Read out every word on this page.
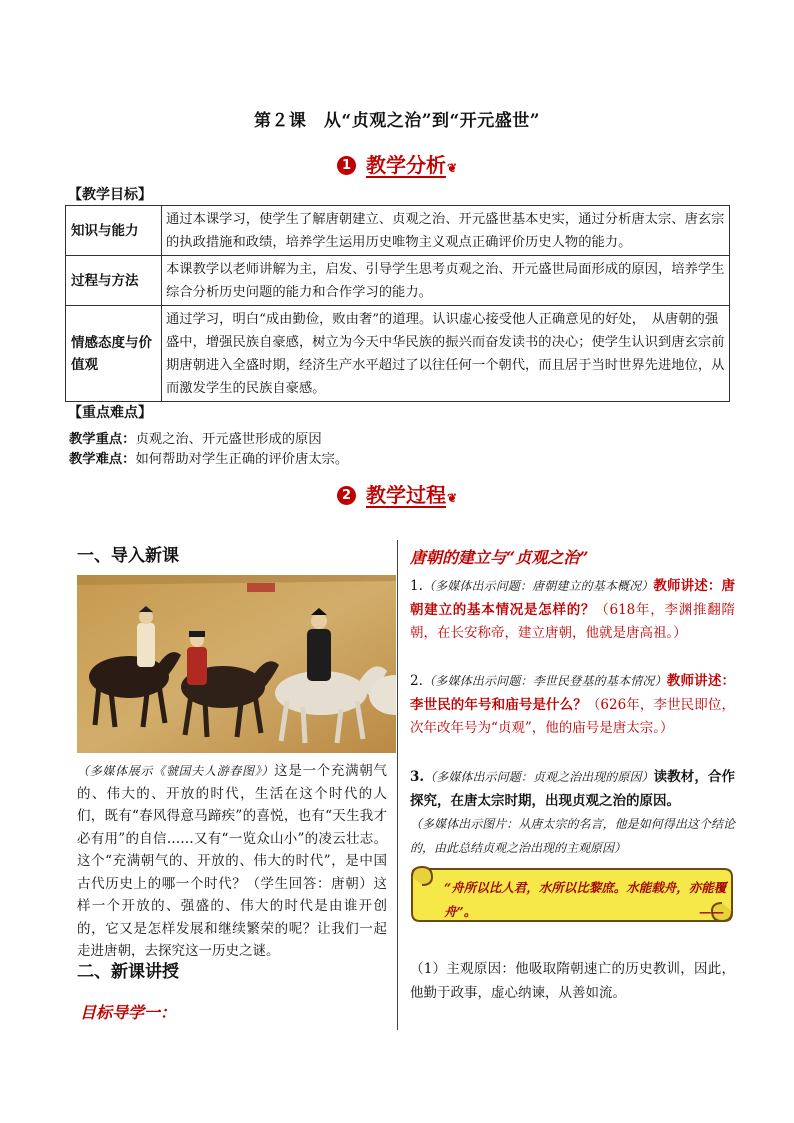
第２课　从“贞观之治”到“开元盛世”
1 教学分析❦
【教学目标】
知识与能力	通过本课学习，使学生了解唐朝建立、贞观之治、开元盛世基本史实，通过分析唐太宗、唐玄宗的执政措施和政绩，培养学生运用历史唯物主义观点正确评价历史人物的能力。
过程与方法	本课教学以老师讲解为主，启发、引导学生思考贞观之治、开元盛世局面形成的原因，培养学生综合分析历史问题的能力和合作学习的能力。
情感态度与价值观	通过学习，明白“成由勤俭，败由奢”的道理。认识虚心接受他人正确意见的好处，　从唐朝的强盛中，增强民族自豪感，树立为今天中华民族的振兴而奋发读书的决心；使学生认识到唐玄宗前期唐朝进入全盛时期，经济生产水平超过了以往任何一个朝代，而且居于当时世界先进地位，从而激发学生的民族自豪感。
【重点难点】
教学重点：贞观之治、开元盛世形成的原因
教学难点：如何帮助对学生正确的评价唐太宗。
2 教学过程❦
一、导入新课
（多媒体展示《虢国夫人游春图》）这是一个充满朝气的、伟大的、开放的时代，生活在这个时代的人们，既有“春风得意马蹄疾”的喜悦，也有“天生我才必有用”的自信……又有“一览众山小”的凌云壮志。这个“充满朝气的、开放的、伟大的时代”，是中国古代历史上的哪一个时代？（学生回答：唐朝）这样一个开放的、强盛的、伟大的时代是由谁开创的，它又是怎样发展和继续繁荣的呢？让我们一起走进唐朝，去探究这一历史之谜。
二、新课讲授
目标导学一：
唐朝的建立与“贞观之治”
1.（多媒体出示问题：唐朝建立的基本概况）教师讲述：唐朝建立的基本情况是怎样的？（618年，李渊推翻隋朝，在长安称帝，建立唐朝，他就是唐高祖。）
2.（多媒体出示问题：李世民登基的基本情况）教师讲述：李世民的年号和庙号是什么？（626年，李世民即位，次年改年号为“贞观”，他的庙号是唐太宗。）
3.（多媒体出示问题：贞观之治出现的原因）读教材，合作探究，在唐太宗时期，出现贞观之治的原因。
（多媒体出示图片：从唐太宗的名言，他是如何得出这个结论的，由此总结贞观之治出现的主观原因）
“舟所以比人君，水所以比黎庶。水能载舟，亦能覆舟”。	——
（1）主观原因：他吸取隋朝速亡的历史教训，因此，他勤于政事，虚心纳谏，从善如流。
